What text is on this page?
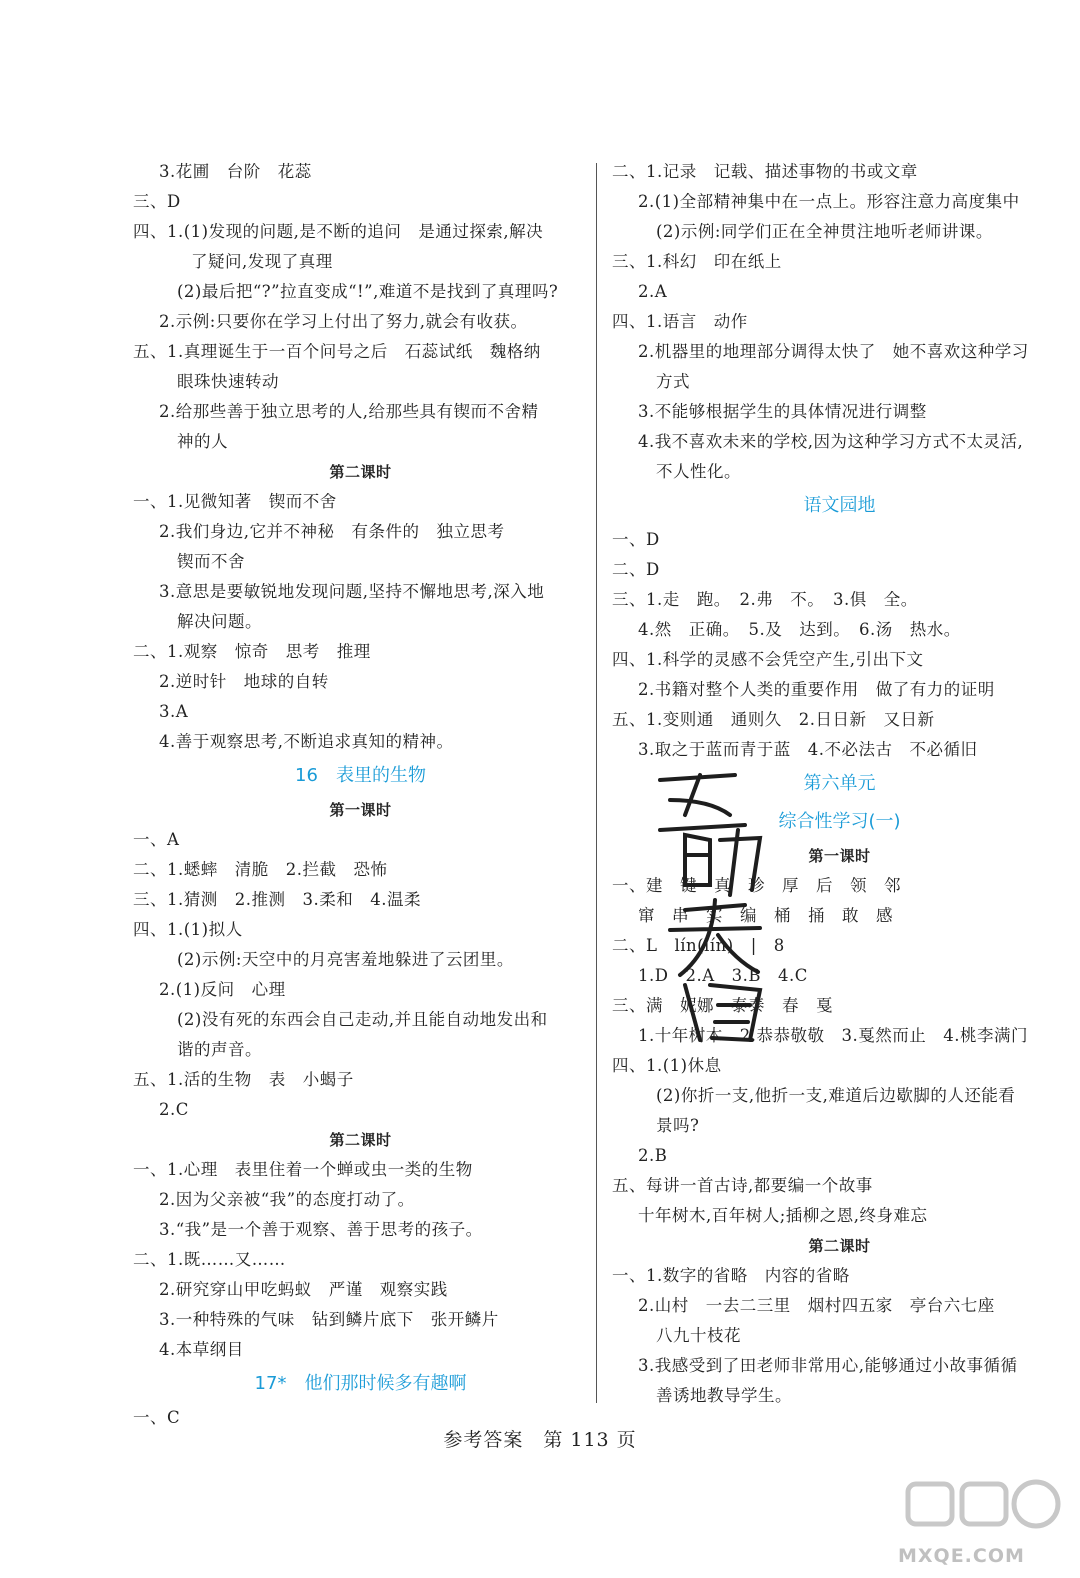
3.花圃　台阶　花蕊
三、D
四、1.(1)发现的问题,是不断的追问　是通过探索,解决
了疑问,发现了真理
(2)最后把“?”拉直变成“!”,难道不是找到了真理吗?
2.示例:只要你在学习上付出了努力,就会有收获。
五、1.真理诞生于一百个问号之后　石蕊试纸　魏格纳
眼珠快速转动
2.给那些善于独立思考的人,给那些具有锲而不舍精
神的人
第二课时
一、1.见微知著　锲而不舍
2.我们身边,它并不神秘　有条件的　独立思考
锲而不舍
3.意思是要敏锐地发现问题,坚持不懈地思考,深入地
解决问题。
二、1.观察　惊奇　思考　推理
2.逆时针　地球的自转
3.A
4.善于观察思考,不断追求真知的精神。
16　表里的生物
第一课时
一、A
二、1.蟋蟀　清脆　2.拦截　恐怖
三、1.猜测　2.推测　3.柔和　4.温柔
四、1.(1)拟人
(2)示例:天空中的月亮害羞地躲进了云团里。
2.(1)反问　心理
(2)没有死的东西会自己走动,并且能自动地发出和
谐的声音。
五、1.活的生物　表　小蝎子
2.C
第二课时
一、1.心理　表里住着一个蝉或虫一类的生物
2.因为父亲被“我”的态度打动了。
3.“我”是一个善于观察、善于思考的孩子。
二、1.既……又……
2.研究穿山甲吃蚂蚁　严谨　观察实践
3.一种特殊的气味　钻到鳞片底下　张开鳞片
4.本草纲目
17*　他们那时候多有趣啊
一、C
二、1.记录　记载、描述事物的书或文章
2.(1)全部精神集中在一点上。形容注意力高度集中
(2)示例:同学们正在全神贯注地听老师讲课。
三、1.科幻　印在纸上
2.A
四、1.语言　动作
2.机器里的地理部分调得太快了　她不喜欢这种学习
方式
3.不能够根据学生的具体情况进行调整
4.我不喜欢未来的学校,因为这种学习方式不太灵活,
不人性化。
语文园地
一、D
二、D
三、1.走　跑。　2.弗　不。　3.俱　全。
4.然　正确。　5.及　达到。　6.汤　热水。
四、1.科学的灵感不会凭空产生,引出下文
2.书籍对整个人类的重要作用　做了有力的证明
五、1.变则通　通则久　2.日日新　又日新
3.取之于蓝而青于蓝　4.不必法古　不必循旧
第六单元
综合性学习(一)
第一课时
一、建　键　真　珍　厚　后　领　邻
窜　串　实　编　桶　捅　敢　感
二、L　lín(lín)　|　8
1.D　2.A　3.B　4.C
三、满　妮娜　泰泰　春　戛
1.十年树木　2.恭恭敬敬　3.戛然而止　4.桃李满门
四、1.(1)休息
(2)你折一支,他折一支,难道后边歇脚的人还能看
景吗?
2.B
五、每讲一首古诗,都要编一个故事
十年树木,百年树人;插柳之恩,终身难忘
第二课时
一、1.数字的省略　内容的省略
2.山村　一去二三里　烟村四五家　亭台六七座
八九十枝花
3.我感受到了田老师非常用心,能够通过小故事循循
善诱地教导学生。
MXQE.COM
参考答案　第 113 页
